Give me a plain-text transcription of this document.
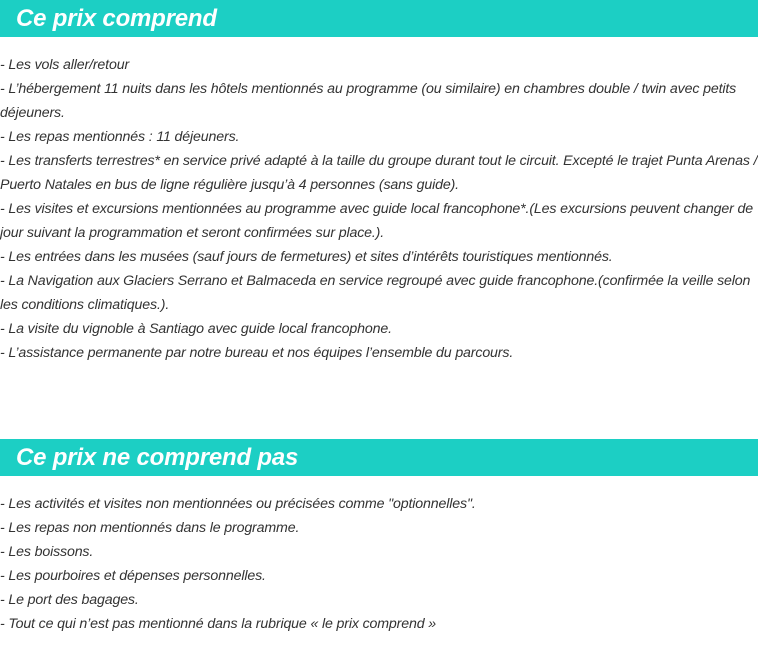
Ce prix comprend
- Les vols aller/retour
- L’hébergement 11 nuits dans les hôtels mentionnés au programme (ou similaire) en chambres double / twin avec petits déjeuners.
- Les repas mentionnés : 11 déjeuners.
- Les transferts terrestres* en service privé adapté à la taille du groupe durant tout le circuit. Excepté le trajet Punta Arenas / Puerto Natales en bus de ligne régulière jusqu’à 4 personnes (sans guide).
- Les visites et excursions mentionnées au programme avec guide local francophone*.(Les excursions peuvent changer de jour suivant la programmation et seront confirmées sur place.).
- Les entrées dans les musées (sauf jours de fermetures) et sites d’intérêts touristiques mentionnés.
- La Navigation aux Glaciers Serrano et Balmaceda en service regroupé avec guide francophone.(confirmée la veille selon les conditions climatiques.).
- La visite du vignoble à Santiago avec guide local francophone.
- L’assistance permanente par notre bureau et nos équipes l’ensemble du parcours.
Ce prix ne comprend pas
- Les activités et visites non mentionnées ou précisées comme "optionnelles".
- Les repas non mentionnés dans le programme.
- Les boissons.
- Les pourboires et dépenses personnelles.
- Le port des bagages.
- Tout ce qui n’est pas mentionné dans la rubrique « le prix comprend »
